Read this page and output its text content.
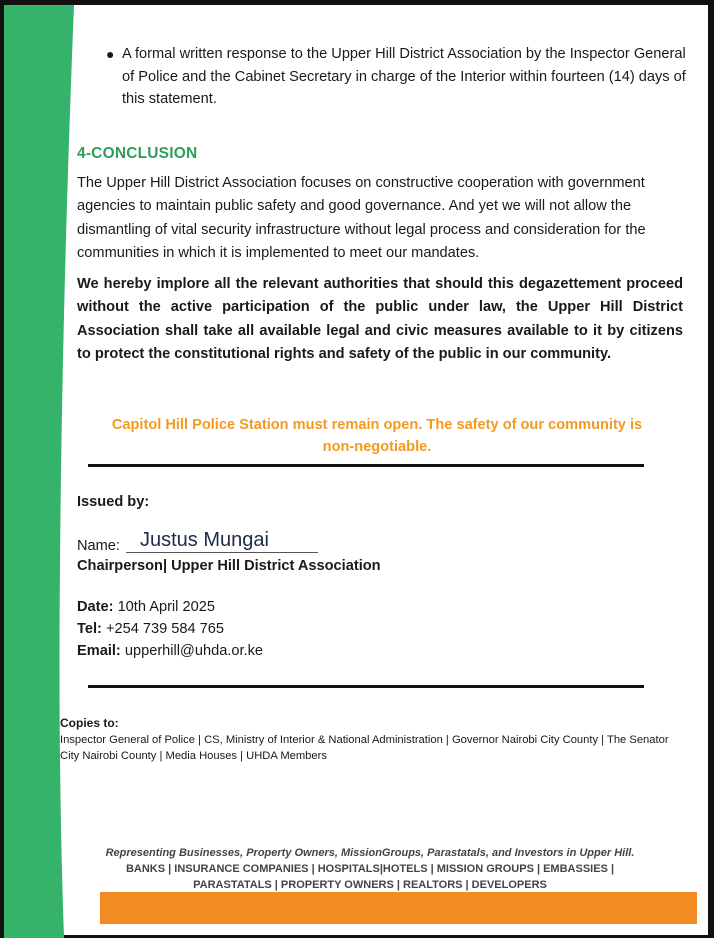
● A formal written response to the Upper Hill District Association by the Inspector General of Police and the Cabinet Secretary in charge of the Interior within fourteen (14) days of this statement.
4-CONCLUSION
The Upper Hill District Association focuses on constructive cooperation with government agencies to maintain public safety and good governance. And yet we will not allow the dismantling of vital security infrastructure without legal process and consideration for the communities in which it is implemented to meet our mandates.
We hereby implore all the relevant authorities that should this degazettement proceed without the active participation of the public under law, the Upper Hill District Association shall take all available legal and civic measures available to it by citizens to protect the constitutional rights and safety of the public in our community.
Capitol Hill Police Station must remain open. The safety of our community is
non-negotiable.
Issued by:
Name:	Justus Mungai
Chairperson| Upper Hill District Association
Date: 10th April 2025
Tel: +254 739 584 765
Email: upperhill@uhda.or.ke
Copies to:
Inspector General of Police | CS, Ministry of Interior & National Administration | Governor Nairobi City County | The Senator
City Nairobi County | Media Houses | UHDA Members
Representing Businesses, Property Owners, MissionGroups, Parastatals, and Investors in Upper Hill.
BANKS | INSURANCE COMPANIES | HOSPITALS|HOTELS | MISSION GROUPS | EMBASSIES |
PARASTATALS | PROPERTY OWNERS | REALTORS | DEVELOPERS
